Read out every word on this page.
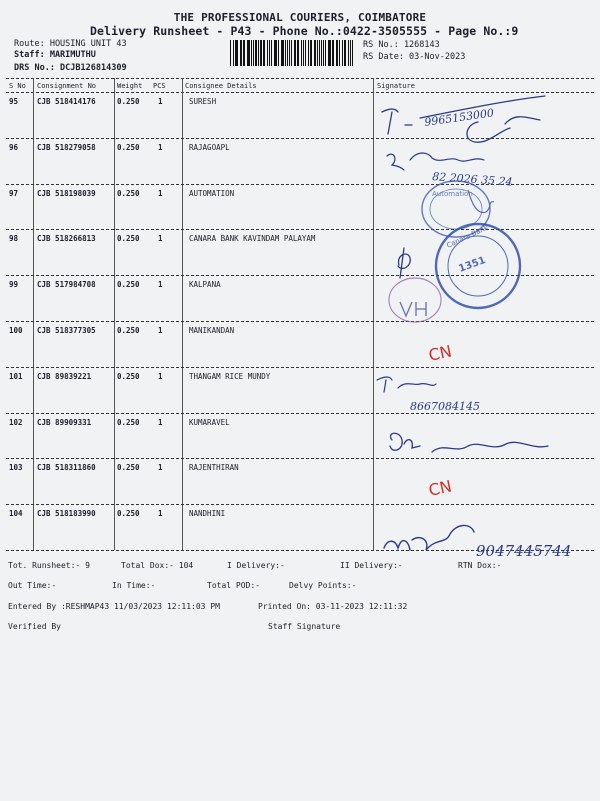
THE PROFESSIONAL COURIERS, COIMBATORE
Delivery Runsheet - P43 - Phone No.:0422-3505555 - Page No.:9
Route: HOUSING UNIT 43
Staff: MARIMUTHU
DRS No.: DCJB126814309
RS No.: 1268143
RS Date: 03-Nov-2023
S No Consignment No	Weight PCS	Consignee Details	Signature
95	CJB 518414176	0.250 1	SURESH
96	CJB 518279058	0.250 1	RAJAGOAPL
97	CJB 518198039	0.250 1	AUTOMATION
98	CJB 518266813	0.250 1	CANARA BANK KAVINDAM PALAYAM
99	CJB 517984708	0.250 1	KALPANA
100 CJB 518377305	0.250 1	MANIKANDAN
101 CJB 89839221	0.250 1	THANGAM RICE MUNDY
102 CJB 89909331	0.250 1	KUMARAVEL
103 CJB 518311860	0.250 1	RAJENTHIRAN
104 CJB 518183990	0.250 1	NANDHINI
Tot. Runsheet:- 9	Total Dox:- 104	I Delivery:-	II Delivery:-	RTN Dox:-
Out Time:-	In Time:-	Total POD:-	Delvy Points:-
Entered By :RESHMAP43 11/03/2023 12:11:03 PM	Printed On: 03-11-2023 12:11:32
Verified By	Staff Signature
9965153000
82 2026 35 24
Automation
Canara Bank
1351
CN
CN
8667084145
9047445744
